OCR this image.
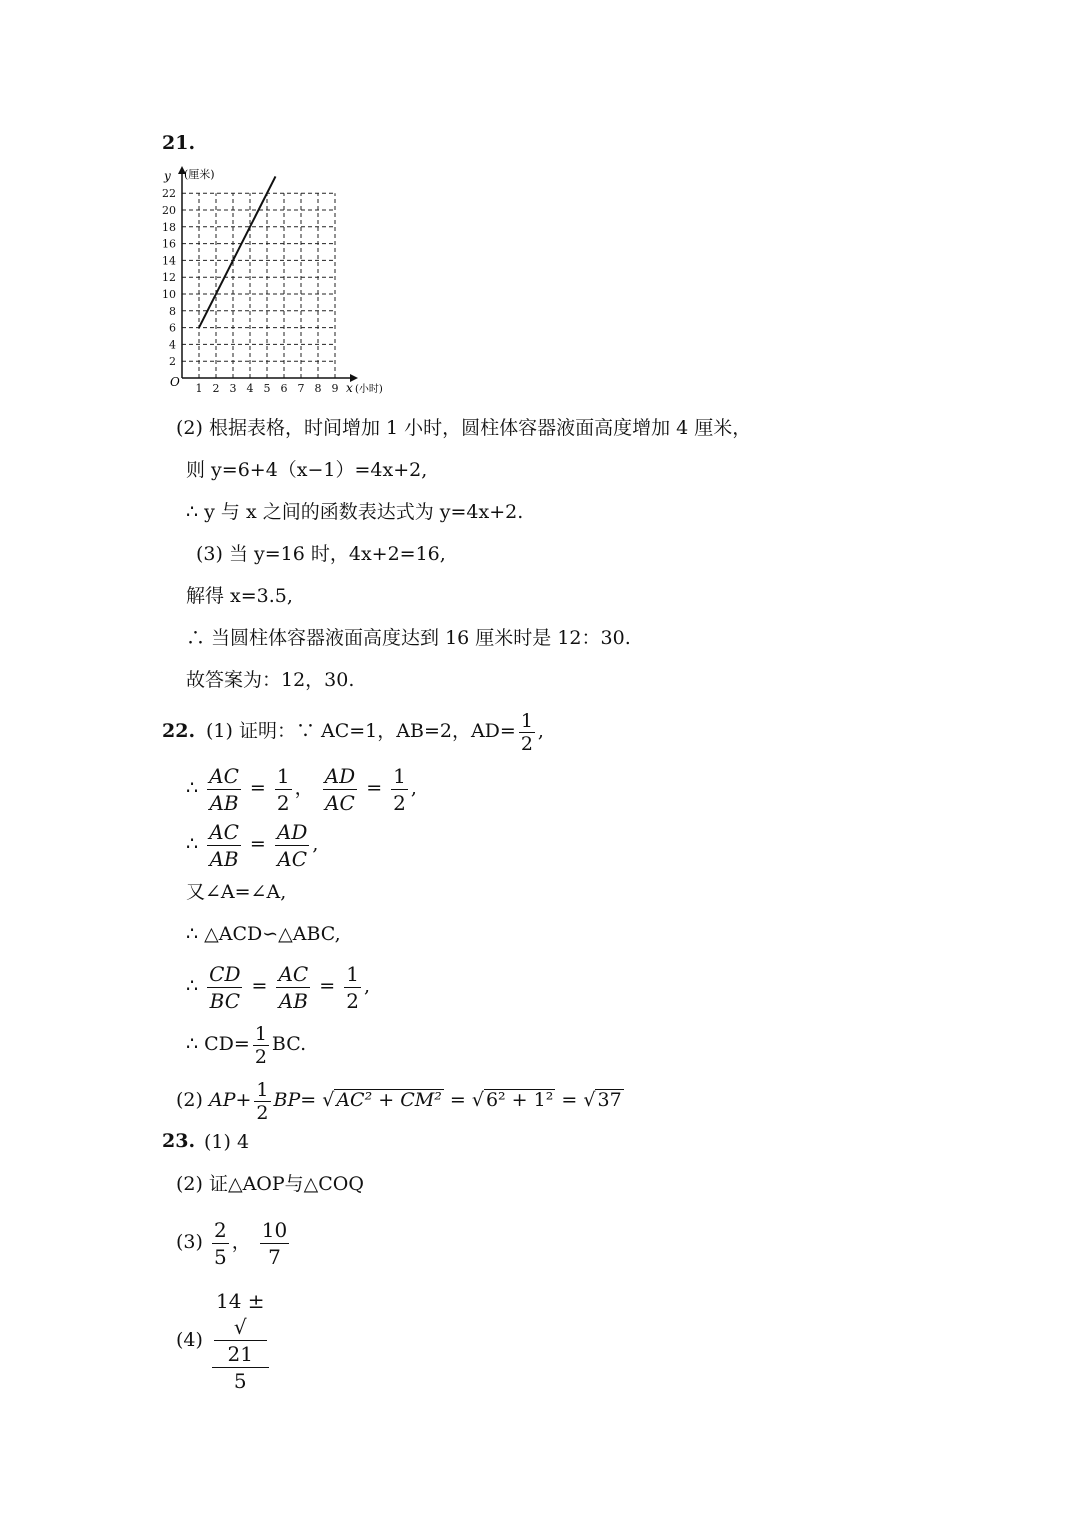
21.
22
20
18
16
14
12
10
8
6
4
2
1 2 3 4 5 6 7 8 9
y (厘米)
O	x (小时)
(2) 根据表格，时间增加 1 小时，圆柱体容器液面高度增加 4 厘米，
则 y=6+4（x−1）=4x+2,
∴ y 与 x 之间的函数表达式为 y=4x+2.
(3) 当 y=16 时，4x+2=16,
解得 x=3.5,
∴ 当圆柱体容器液面高度达到 16 厘米时是 12：30.
故答案为：12，30.
22. (1) 证明：∵ AC=1，AB=2，$AD= \frac{1}{2}$ ,
∴ $\frac{AC}{AB} = \frac{1}{2}$ ， $\frac{AD}{AC} = \frac{1}{2}$ ,
∴ $\frac{AC}{AB} = \frac{AD}{AC}$ ,
又∠A=∠A,
∴ △ACD∽△ABC,
∴ $\frac{CD}{BC} = \frac{AC}{AB} = \frac{1}{2}$ ,
∴ $CD= \frac{1}{2}$ BC.
(2) $AP+ \frac{1}{2} BP=$ √ AC² + CM² = √ 6² + 1² = √ 37
23. (1) 4
(2) 证△AOP与△COQ
$(3) \frac{2}{5}$ ， $\frac{10}{7}$
(4) 14 ±
√
21
5
